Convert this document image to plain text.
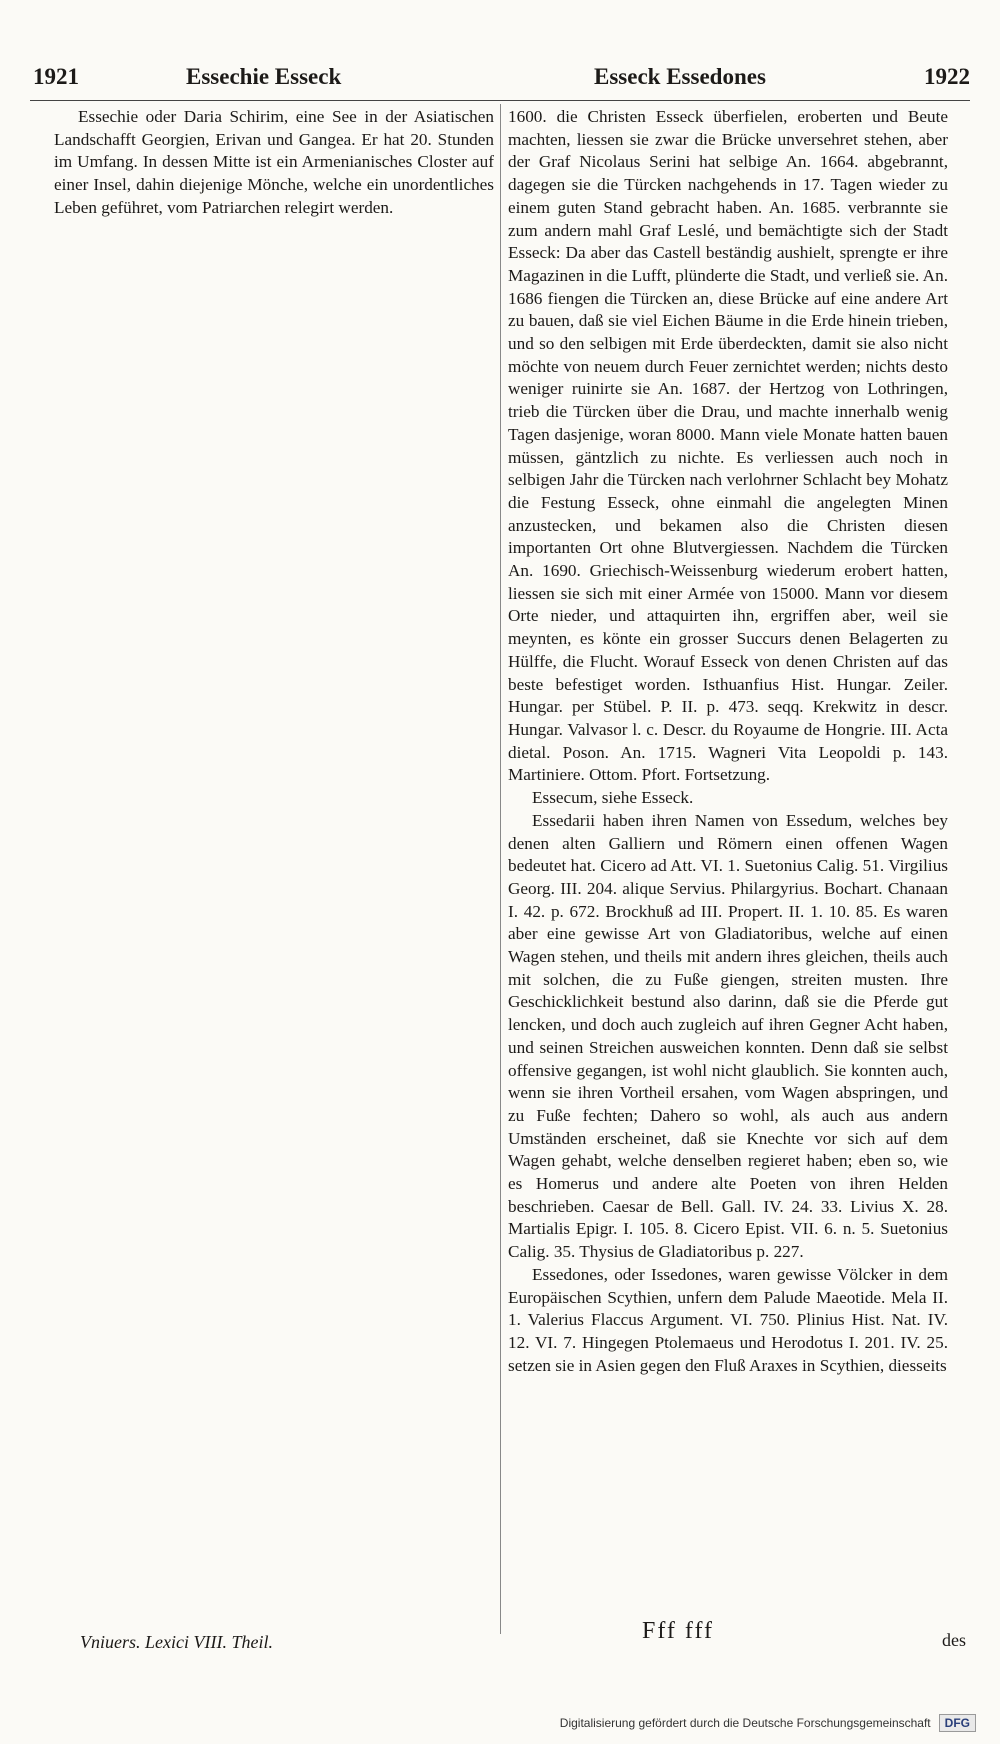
1921	Essechie Esseck	Esseck Essedones	1922

Essechie oder Daria Schirim, eine See in der Asiatischen Landschafft Georgien, Erivan und Gangea. Er hat 20. Stunden im Umfang. In dessen Mitte ist ein Armenianisches Closter auf einer Insel, dahin diejenige Mönche, welche ein unordentliches Leben geführet, vom Patriarchen relegirt werden.

1600. die Christen Esseck überfielen, eroberten und Beute machten, liessen sie zwar die Brücke unversehret stehen, aber der Graf Nicolaus Serini hat selbige An. 1664. abgebrannt, dagegen sie die Türcken nachgehends in 17. Tagen wieder zu einem guten Stand gebracht haben. An. 1685. verbrannte sie zum andern mahl Graf Leslé, und bemächtigte sich der Stadt Esseck: Da aber das Castell beständig aushielt, sprengte er ihre Magazinen in die Lufft, plünderte die Stadt, und verließ sie. An. 1686 fiengen die Türcken an, diese Brücke auf eine andere Art zu bauen, daß sie viel Eichen Bäume in die Erde hinein trieben, und so den selbigen mit Erde überdeckten, damit sie also nicht möchte von neuem durch Feuer zernichtet werden; nichts desto weniger ruinirte sie An. 1687. der Hertzog von Lothringen, trieb die Türcken über die Drau, und machte innerhalb wenig Tagen dasjenige, woran 8000. Mann viele Monate hatten bauen müssen, gäntzlich zu nichte. Es verliessen auch noch in selbigen Jahr die Türcken nach verlohrner Schlacht bey Mohatz die Festung Esseck, ohne einmahl die angelegten Minen anzustecken, und bekamen also die Christen diesen importanten Ort ohne Blutvergiessen. Nachdem die Türcken An. 1690. Griechisch-Weissenburg wiederum erobert hatten, liessen sie sich mit einer Armée von 15000. Mann vor diesem Orte nieder, und attaquirten ihn, ergriffen aber, weil sie meynten, es könte ein grosser Succurs denen Belagerten zu Hülffe, die Flucht. Worauf Esseck von denen Christen auf das beste befestiget worden. Isthuanfius Hist. Hungar. Zeiler. Hungar. per Stübel. P. II. p. 473. seqq. Krekwitz in descr. Hungar. Valvasor l. c. Descr. du Royaume de Hongrie. III. Acta dietal. Poson. An. 1715. Wagneri Vita Leopoldi p. 143. Martiniere. Ottom. Pfort. Fortsetzung.

Essecum, siehe Esseck.

Essedarii haben ihren Namen von Essedum, welches bey denen alten Galliern und Römern einen offenen Wagen bedeutet hat. Cicero ad Att. VI. 1. Suetonius Calig. 51. Virgilius Georg. III. 204. alique Servius. Philargyrius. Bochart. Chanaan I. 42. p. 672. Brockhuß ad III. Propert. II. 1. 10. 85. Es waren aber eine gewisse Art von Gladiatoribus, welche auf einen Wagen stehen, und theils mit andern ihres gleichen, theils auch mit solchen, die zu Fuße giengen, streiten musten. Ihre Geschicklichkeit bestund also darinn, daß sie die Pferde gut lencken, und doch auch zugleich auf ihren Gegner Acht haben, und seinen Streichen ausweichen konnten. Denn daß sie selbst offensive gegangen, ist wohl nicht glaublich. Sie konnten auch, wenn sie ihren Vortheil ersahen, vom Wagen abspringen, und zu Fuße fechten; Dahero so wohl, als auch aus andern Umständen erscheinet, daß sie Knechte vor sich auf dem Wagen gehabt, welche denselben regieret haben; eben so, wie es Homerus und andere alte Poeten von ihren Helden beschrieben. Caesar de Bell. Gall. IV. 24. 33. Livius X. 28. Martialis Epigr. I. 105. 8. Cicero Epist. VII. 6. n. 5. Suetonius Calig. 35. Thysius de Gladiatoribus p. 227.

Essedones, oder Issedones, waren gewisse Völcker in dem Europäischen Scythien, unfern dem Palude Maeotide. Mela II. 1. Valerius Flaccus Argument. VI. 750. Plinius Hist. Nat. IV. 12. VI. 7. Hingegen Ptolemaeus und Herodotus I. 201. IV. 25. setzen sie in Asien gegen den Fluß Araxes in Scythien, diesseits

Vniuers. Lexici VIII. Theil.	Fff fff	des
Digitalisierung gefördert durch die Deutsche Forschungsgemeinschaft	DFG
